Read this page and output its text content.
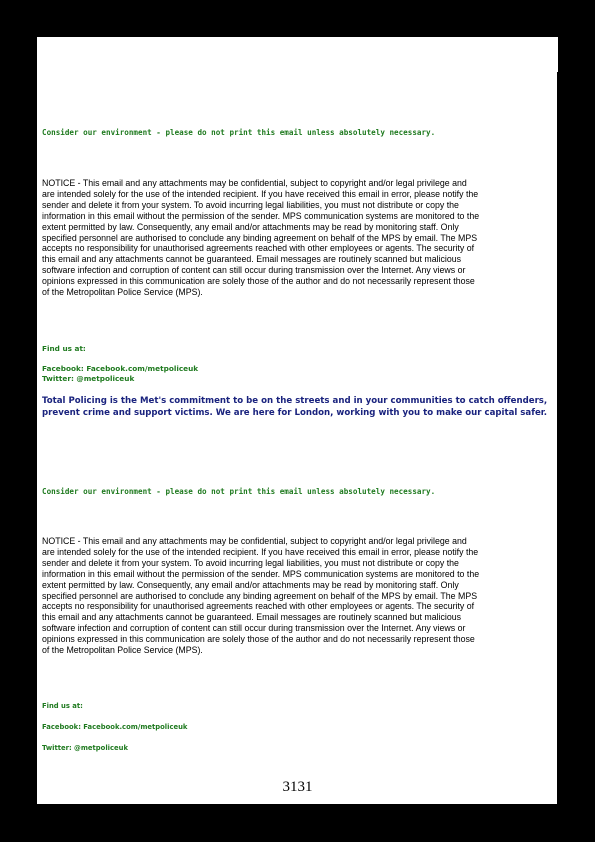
Consider our environment - please do not print this email unless absolutely necessary.
NOTICE - This email and any attachments may be confidential, subject to copyright and/or legal privilege and
are intended solely for the use of the intended recipient. If you have received this email in error, please notify the
sender and delete it from your system. To avoid incurring legal liabilities, you must not distribute or copy the
information in this email without the permission of the sender. MPS communication systems are monitored to the
extent permitted by law. Consequently, any email and/or attachments may be read by monitoring staff. Only
specified personnel are authorised to conclude any binding agreement on behalf of the MPS by email. The MPS
accepts no responsibility for unauthorised agreements reached with other employees or agents. The security of
this email and any attachments cannot be guaranteed. Email messages are routinely scanned but malicious
software infection and corruption of content can still occur during transmission over the Internet. Any views or
opinions expressed in this communication are solely those of the author and do not necessarily represent those
of the Metropolitan Police Service (MPS).
Find us at:
Facebook: Facebook.com/metpoliceuk
Twitter: @metpoliceuk
Total Policing is the Met's commitment to be on the streets and in your communities to catch offenders,
prevent crime and support victims. We are here for London, working with you to make our capital safer.
Consider our environment - please do not print this email unless absolutely necessary.
NOTICE - This email and any attachments may be confidential, subject to copyright and/or legal privilege and
are intended solely for the use of the intended recipient. If you have received this email in error, please notify the
sender and delete it from your system. To avoid incurring legal liabilities, you must not distribute or copy the
information in this email without the permission of the sender. MPS communication systems are monitored to the
extent permitted by law. Consequently, any email and/or attachments may be read by monitoring staff. Only
specified personnel are authorised to conclude any binding agreement on behalf of the MPS by email. The MPS
accepts no responsibility for unauthorised agreements reached with other employees or agents. The security of
this email and any attachments cannot be guaranteed. Email messages are routinely scanned but malicious
software infection and corruption of content can still occur during transmission over the Internet. Any views or
opinions expressed in this communication are solely those of the author and do not necessarily represent those
of the Metropolitan Police Service (MPS).
Find us at:
Facebook: Facebook.com/metpoliceuk
Twitter: @metpoliceuk
3131
